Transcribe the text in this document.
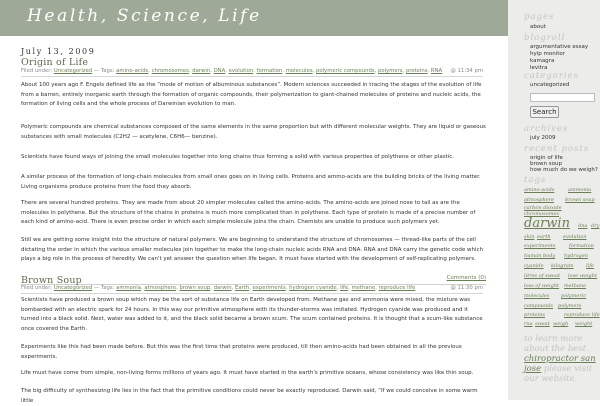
Health, Science, Life
July 13, 2009
Origin of Life
Filed under: Uncategorized — Tags: amino-acids, chromosomes, darwin, DNA, evolution, formation, molecules, polymeric compounds, polymers, proteins, RNA	@ 11:34 pm

About 100 years ago F. Engels defined life as the “mode of motion of albuminous substances”. Modern sciences succeeded in tracing the stages of the evolution of life from a barren, entirely inorganic earth through the formation of organic compounds, their polymerization to giant-chained molecules of proteins and nucleic acids, the formation of living cells and the whole process of Darwinian evolution to man.

Polymeric compounds are chemical substances composed of the same elements in the same proportion but with different molecular weights. They are liquid or gaseous substances with small molecules (C2H2 — acetylene, C6H6— benzine).

Scientists have found ways of joining the small molecules together into long chains thus forming a solid with various properties of polythene or other plastic.

A similar process of the formation of long-chain molecules from small ones goes on in living cells. Proteins and ammo-acids are the building bricks of the living matter. Living organisms produce proteins from the food they absorb.

There are several hundred proteins. They are made from about 20 simpler molecules called the amino-acids. The amino-acids are joined nose to tail as are the molecules in polythene. But the structure of the chains in proteins is much more complicated than in polythene. Each type of protein is made of a precise number of each kind of amino-acid. There is even precise order in which each simple molecule joins the chain. Chemists are unable to produce such polymers yet.

Still we are getting some insight into the structure of natural polymers. We are beginning to understand the structure of chromosomes — thread-like parts of the cell dictating the order in which the various smaller molecules join together to make the long-chain nucleic acids RNA and DNA. RNA and DNA carry the genetic code which plays a big role in the process of heredity. We can't yet answer the question when life began. It must have started with the development of self-replicating polymers.

Comments (0)
Brown Soup
Filed under: Uncategorized — Tags: ammonia, atmosphere, brown soup, darwin, Earth, experiments, hydrogen cyanide, life, methane, reproduce life	@ 11:30 pm

Scientists have produced a brown soup which may be the sort of substance life on Earth developed from. Methane gas and ammonia were mixed, the mixture was bombarded with an electric spark for 24 hours. In this way our primitive atmosphere with its thunder-storms was imitated. Hydrogen cyanide was produced and it turned into a black solid. Next, water was added to it, and the black solid became a brown scum. The scum contained proteins. It is thought that a scum-like substance once covered the Earth.

Experiments like this had been made before. But this was the first time that proteins were produced, till then amino-acids had been obtained in all the previous experiments.

Life must have come from simple, non-living forms millions of years ago. It must have started in the earth's primitive oceans, whose consistency was like thin soup.

The big difficulty of synthesizing life lies in the fact that the primitive conditions could never be exactly reproduced. Darwin said, “If we could conceive in some warm little

pages
about
blogroll
argumentative essay
hyip monitor
kamagra
levitra
categories
uncategorized
Search
archives
july 2009
recent posts
origin of life
brown soup
how much do we weigh?
tags
amino-acids	ammonia
atmosphere brown soup
carbon dioxide
chromosomes
darwin dna dry
skin earth evolution
experiments	formation
human body hydrogen
cyanide kilogram life
litres of sweat lose weight
loss of weight methane
molecules polymeric
compounds polymers
proteins	reproduce life
rna sweat weigh weight
to learn more about the best chiropractor san jose please visit our website.
